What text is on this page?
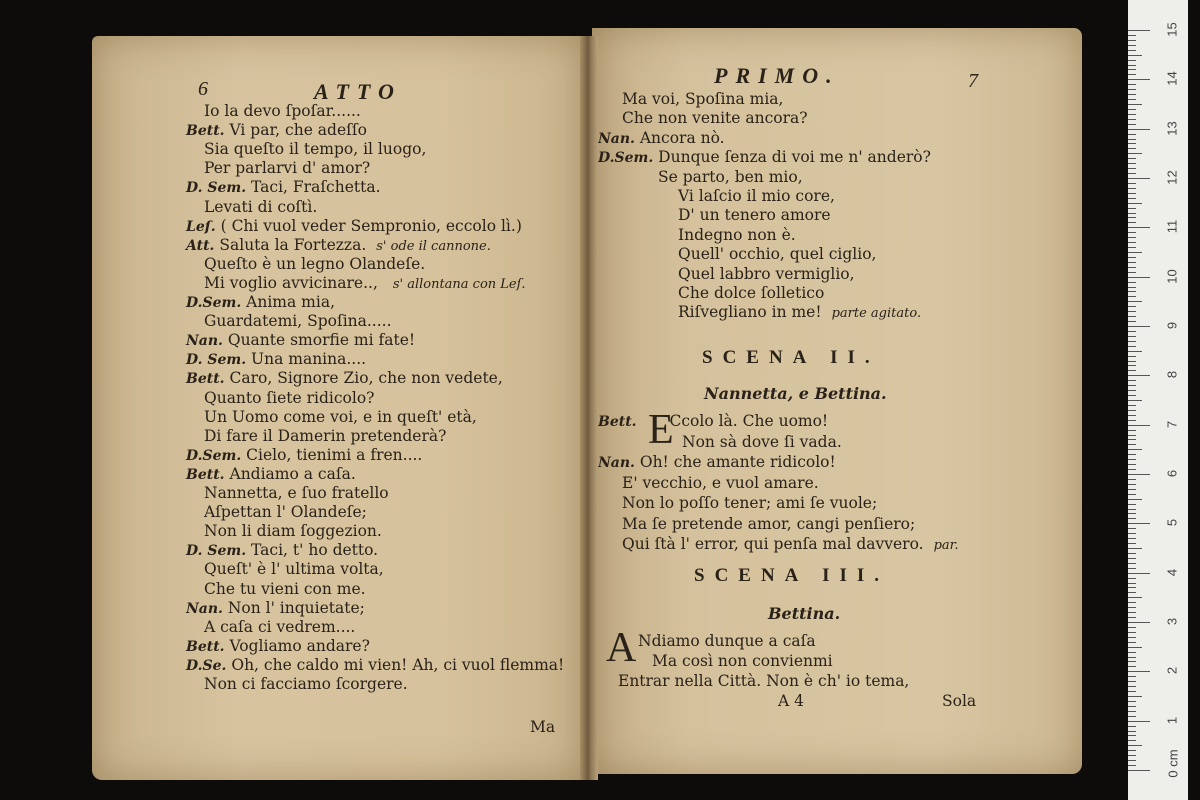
6	ATTO
Io la devo ſpoſar......
Bett. Vi par, che adeſſo
Sia queſto il tempo, il luogo,
Per parlarvi d' amor?
D. Sem. Taci, Fraſchetta.
Levati di coſtì.
Leſ. ( Chi vuol veder Sempronio, eccolo lì.)
Att. Saluta la Fortezza. s' ode il cannone.
Queſto è un legno Olandeſe.
Mi voglio avvicinare.., s' allontana con Leſ.
D.Sem. Anima mia,
Guardatemi, Spoſina.....
Nan. Quante smorfie mi fate!
D. Sem. Una manina....
Bett. Caro, Signore Zio, che non vedete,
Quanto ſiete ridicolo?
Un Uomo come voi, e in queſt' età,
Di fare il Damerin pretenderà?
D.Sem. Cielo, tienimi a fren....
Bett. Andiamo a caſa.
Nannetta, e ſuo fratello
Aſpettan l' Olandeſe;
Non li diam ſoggezion.
D. Sem. Taci, t' ho detto.
Queſt' è l' ultima volta,
Che tu vieni con me.
Nan. Non l' inquietate;
A caſa ci vedrem....
Bett. Vogliamo andare?
D.Se. Oh, che caldo mi vien! Ah, ci vuol flemma!
Non ci facciamo ſcorgere.
Ma
PRIMO.	7
Ma voi, Spoſina mia,
Che non venite ancora?
Nan. Ancora nò.
D.Sem. Dunque ſenza di voi me n' anderò?
Se parto, ben mio,
Vi laſcio il mio core,
D' un tenero amore
Indegno non è.
Quell' occhio, quel ciglio,
Quel labbro vermiglio,
Che dolce ſolletico
Riſvegliano in me! parte agitato.
SCENA II.
Nannetta, e Bettina.
E
Bett. Ccolo là. Che uomo!
Non sà dove ſi vada.
Nan. Oh! che amante ridicolo!
E' vecchio, e vuol amare.
Non lo poſſo tener; ami ſe vuole;
Ma ſe pretende amor, cangi penſiero;
Qui ſtà l' error, qui penſa mal davvero. par.
SCENA III.
Bettina.
A Ndiamo dunque a caſa
Ma così non convienmi
Entrar nella Città. Non è ch' io tema,
A 4	Sola
15
14
13
12
11
10
9
8
7
6
5
4
3
2
1
0 cm
